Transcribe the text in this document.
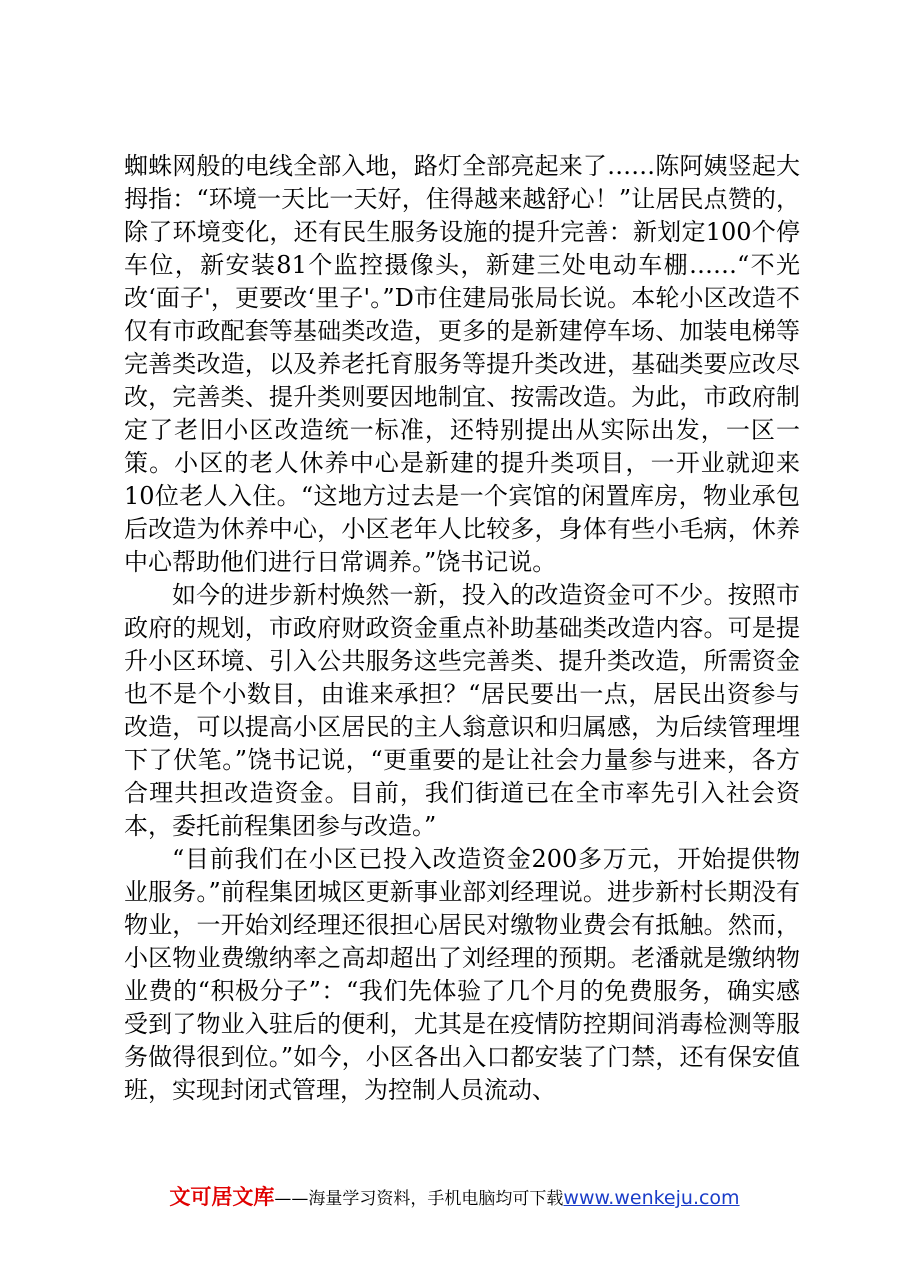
蜘蛛网般的电线全部入地，路灯全部亮起来了……陈阿姨竖起大拇指：“环境一天比一天好，住得越来越舒心！”让居民点赞的，除了环境变化，还有民生服务设施的提升完善：新划定100个停车位，新安装81个监控摄像头，新建三处电动车棚……“不光改‘面子'，更要改‘里子'。”D市住建局张局长说。本轮小区改造不仅有市政配套等基础类改造，更多的是新建停车场、加装电梯等完善类改造，以及养老托育服务等提升类改进，基础类要应改尽改，完善类、提升类则要因地制宜、按需改造。为此，市政府制定了老旧小区改造统一标准，还特别提出从实际出发，一区一策。小区的老人休养中心是新建的提升类项目，一开业就迎来10位老人入住。“这地方过去是一个宾馆的闲置库房，物业承包后改造为休养中心，小区老年人比较多，身体有些小毛病，休养中心帮助他们进行日常调养。”饶书记说。

如今的进步新村焕然一新，投入的改造资金可不少。按照市政府的规划，市政府财政资金重点补助基础类改造内容。可是提升小区环境、引入公共服务这些完善类、提升类改造，所需资金也不是个小数目，由谁来承担？“居民要出一点，居民出资参与改造，可以提高小区居民的主人翁意识和归属感，为后续管理埋下了伏笔。”饶书记说，“更重要的是让社会力量参与进来，各方合理共担改造资金。目前，我们街道已在全市率先引入社会资本，委托前程集团参与改造。”

“目前我们在小区已投入改造资金200多万元，开始提供物业服务。”前程集团城区更新事业部刘经理说。进步新村长期没有物业，一开始刘经理还很担心居民对缴物业费会有抵触。然而，小区物业费缴纳率之高却超出了刘经理的预期。老潘就是缴纳物业费的“积极分子”：“我们先体验了几个月的免费服务，确实感受到了物业入驻后的便利，尤其是在疫情防控期间消毒检测等服务做得很到位。”如今，小区各出入口都安装了门禁，还有保安值班，实现封闭式管理，为控制人员流动、

文可居文库——海量学习资料，手机电脑均可下载www.wenkeju.com
